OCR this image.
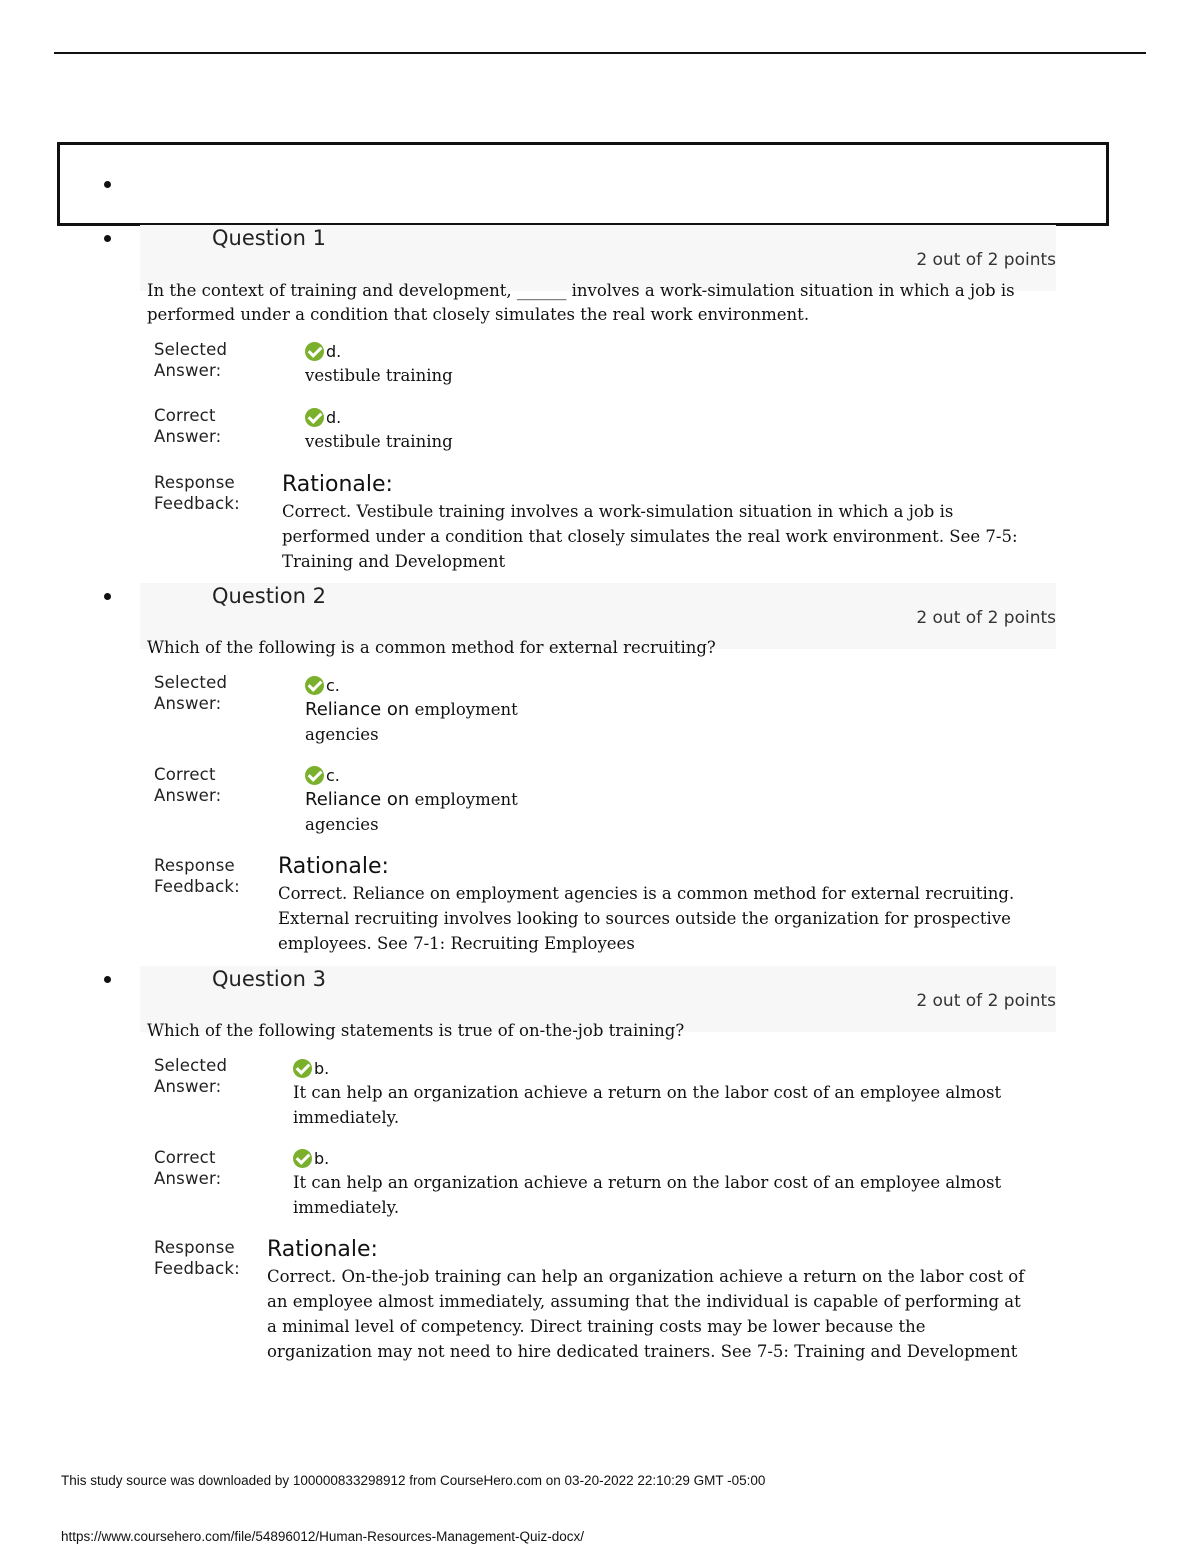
Question 1
2 out of 2 points
In the context of training and development, ______ involves a work-simulation situation in which a job is performed under a condition that closely simulates the real work environment.
Selected Answer:
d.
vestibule training
Correct Answer:
d.
vestibule training
Response Feedback:
Rationale:
Correct. Vestibule training involves a work-simulation situation in which a job is performed under a condition that closely simulates the real work environment. See 7-5: Training and Development
Question 2
2 out of 2 points
Which of the following is a common method for external recruiting?
Selected Answer:
c.
Reliance on employment agencies
Correct Answer:
c.
Reliance on employment agencies
Response Feedback:
Rationale:
Correct. Reliance on employment agencies is a common method for external recruiting. External recruiting involves looking to sources outside the organization for prospective employees. See 7-1: Recruiting Employees
Question 3
2 out of 2 points
Which of the following statements is true of on-the-job training?
Selected Answer:
b.
It can help an organization achieve a return on the labor cost of an employee almost immediately.
Correct Answer:
b.
It can help an organization achieve a return on the labor cost of an employee almost immediately.
Response Feedback:
Rationale:
Correct. On-the-job training can help an organization achieve a return on the labor cost of an employee almost immediately, assuming that the individual is capable of performing at a minimal level of competency. Direct training costs may be lower because the organization may not need to hire dedicated trainers. See 7-5: Training and Development
This study source was downloaded by 100000833298912 from CourseHero.com on 03-20-2022 22:10:29 GMT -05:00
https://www.coursehero.com/file/54896012/Human-Resources-Management-Quiz-docx/
